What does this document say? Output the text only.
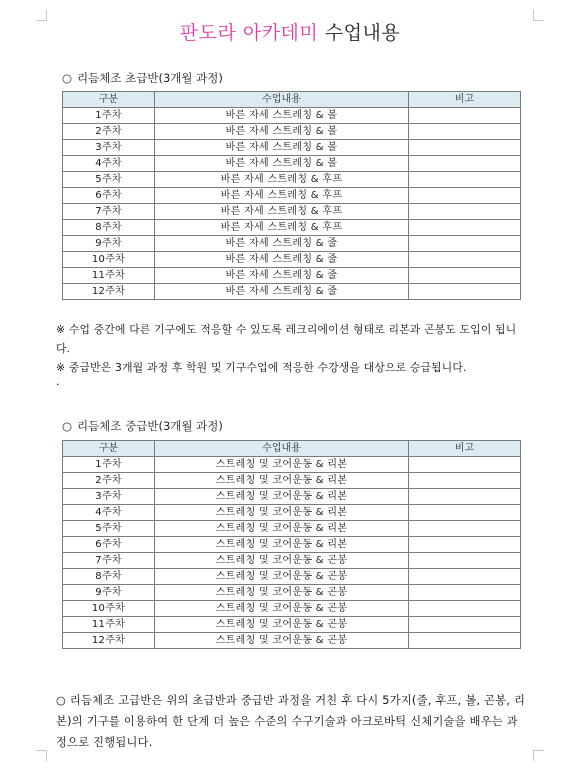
판도라 아카데미 수업내용
○ 리듬체조 초급반(3개월 과정)
구분	수업내용	비고
1주차	바른 자세 스트레칭 & 볼	
2주차	바른 자세 스트레칭 & 볼	
3주차	바른 자세 스트레칭 & 볼	
4주차	바른 자세 스트레칭 & 볼	
5주차	바른 자세 스트레칭 & 후프	
6주차	바른 자세 스트레칭 & 후프	
7주차	바른 자세 스트레칭 & 후프	
8주차	바른 자세 스트레칭 & 후프	
9주차	바른 자세 스트레칭 & 줄	
10주차	바른 자세 스트레칭 & 줄	
11주차	바른 자세 스트레칭 & 줄	
12주차	바른 자세 스트레칭 & 줄	
※ 수업 중간에 다른 기구에도 적응할 수 있도록 레크리에이션 형태로 리본과 곤봉도 도입이 됩니다.
※ 중급반은 3개월 과정 후 학원 및 기구수업에 적응한 수강생을 대상으로 승급됩니다.
.
○ 리듬체조 중급반(3개월 과정)
구분	수업내용	비고
1주차	스트레칭 및 코어운동 & 리본	
2주차	스트레칭 및 코어운동 & 리본	
3주차	스트레칭 및 코어운동 & 리본	
4주차	스트레칭 및 코어운동 & 리본	
5주차	스트레칭 및 코어운동 & 리본	
6주차	스트레칭 및 코어운동 & 리본	
7주차	스트레칭 및 코어운동 & 곤봉	
8주차	스트레칭 및 코어운동 & 곤봉	
9주차	스트레칭 및 코어운동 & 곤봉	
10주차	스트레칭 및 코어운동 & 곤봉	
11주차	스트레칭 및 코어운동 & 곤봉	
12주차	스트레칭 및 코어운동 & 곤봉	
○ 리듬체조 고급반은 위의 초급반과 중급반 과정을 거친 후 다시 5가지(줄, 후프, 볼, 곤봉, 리본)의 기구를 이용하여 한 단계 더 높은 수준의 수구기술과 아크로바틱 신체기술을 배우는 과정으로 진행됩니다.
